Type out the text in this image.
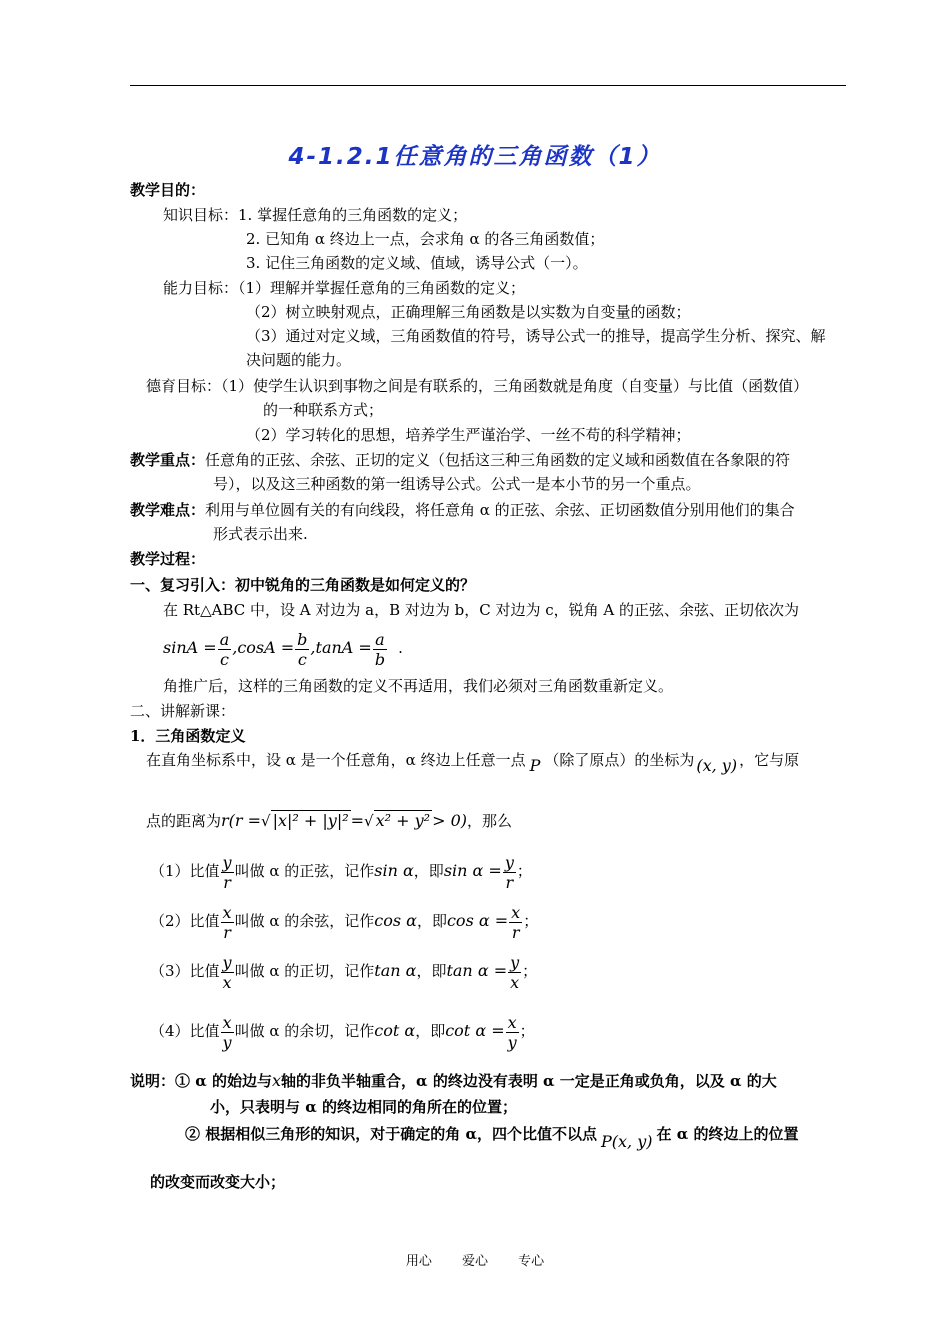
4-1.2.1任意角的三角函数（1）
教学目的：
知识目标：1. 掌握任意角的三角函数的定义；
2. 已知角 α 终边上一点，会求角 α 的各三角函数值；
3. 记住三角函数的定义域、值域，诱导公式（一）。
能力目标：（1）理解并掌握任意角的三角函数的定义；
（2）树立映射观点，正确理解三角函数是以实数为自变量的函数；
（3）通过对定义域，三角函数值的符号，诱导公式一的推导，提高学生分析、探究、解
决问题的能力。
德育目标：（1）使学生认识到事物之间是有联系的，三角函数就是角度（自变量）与比值（函数值）
的一种联系方式；
（2）学习转化的思想，培养学生严谨治学、一丝不苟的科学精神；
教学重点：任意角的正弦、余弦、正切的定义（包括这三种三角函数的定义域和函数值在各象限的符
号），以及这三种函数的第一组诱导公式。公式一是本小节的另一个重点。
教学难点：利用与单位圆有关的有向线段，将任意角 α 的正弦、余弦、正切函数值分别用他们的集合
形式表示出来.
教学过程：
一、复习引入：初中锐角的三角函数是如何定义的？
在 Rt△ABC 中，设 A 对边为 a，B 对边为 b，C 对边为 c，锐角 A 的正弦、余弦、正切依次为
$\sin A = \frac{a}{c} ,\cos A = \frac{b}{c} ,\tan A = \frac{a}{b}$ .
角推广后，这样的三角函数的定义不再适用，我们必须对三角函数重新定义。
二、讲解新课：
1．三角函数定义
在直角坐标系中，设 α 是一个任意角，α 终边上任意一点 P （除了原点）的坐标为 (x, y) ，它与原
点的距离为r(r =√ |x|² + |y|² =√ x² + y² > 0)，那么
（1）比值 $\frac{y}{r}$ 叫做 α 的正弦，记作sin α，即$\sin \alpha = \frac{y}{r}$ ；
（2）比值 $\frac{x}{r}$ 叫做 α 的余弦，记作cos α，即$\cos \alpha = \frac{x}{r}$ ；
（3）比值 $\frac{y}{x}$ 叫做 α 的正切，记作tan α，即$\tan \alpha = \frac{y}{x}$ ；
（4）比值 $\frac{x}{y}$ 叫做 α 的余切，记作cot α，即$\cot \alpha = \frac{x}{y}$ ；
说明：① α 的始边与x轴的非负半轴重合，α 的终边没有表明 α 一定是正角或负角，以及 α 的大
小，只表明与 α 的终边相同的角所在的位置；
② 根据相似三角形的知识，对于确定的角 α，四个比值不以点 P(x, y) 在 α 的终边上的位置
的改变而改变大小；
用心 爱心 专心
